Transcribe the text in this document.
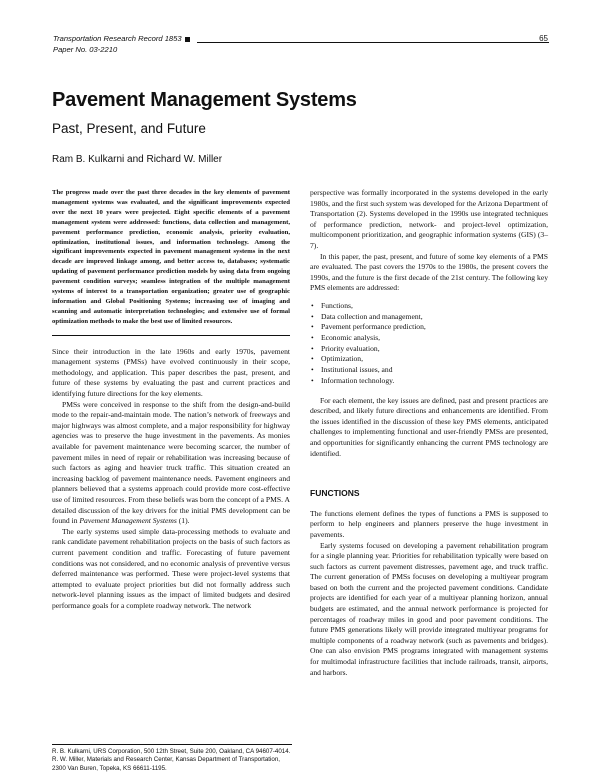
Transportation Research Record 1853
Paper No. 03-2210
65
Pavement Management Systems
Past, Present, and Future
Ram B. Kulkarni and Richard W. Miller

The progress made over the past three decades in the key elements of pavement management systems was evaluated, and the significant improvements expected over the next 10 years were projected. Eight specific elements of a pavement management system were addressed: functions, data collection and management, pavement performance prediction, economic analysis, priority evaluation, optimization, institutional issues, and information technology. Among the significant improvements expected in pavement management systems in the next decade are improved linkage among, and better access to, databases; systematic updating of pavement performance prediction models by using data from ongoing pavement condition surveys; seamless integration of the multiple management systems of interest to a transportation organization; greater use of geographic information and Global Positioning Systems; increasing use of imaging and scanning and automatic interpretation technologies; and extensive use of formal optimization methods to make the best use of limited resources.

Since their introduction in the late 1960s and early 1970s, pavement management systems (PMSs) have evolved continuously in their scope, methodology, and application. This paper describes the past, present, and future of these systems by evaluating the past and current practices and identifying future directions for the key elements.

PMSs were conceived in response to the shift from the design-and-build mode to the repair-and-maintain mode. The nation’s network of freeways and major highways was almost complete, and a major responsibility for highway agencies was to preserve the huge investment in the pavements. As monies available for pavement maintenance were becoming scarcer, the number of pavement miles in need of repair or rehabilitation was increasing because of such factors as aging and heavier truck traffic. This situation created an increasing backlog of pavement maintenance needs. Pavement engineers and planners believed that a systems approach could provide more cost-effective use of limited resources. From these beliefs was born the concept of a PMS. A detailed discussion of the key drivers for the initial PMS development can be found in Pavement Management Systems (1).

The early systems used simple data-processing methods to evaluate and rank candidate pavement rehabilitation projects on the basis of such factors as current pavement condition and traffic. Forecasting of future pavement conditions was not considered, and no economic analysis of preventive versus deferred maintenance was performed. These were project-level systems that attempted to evaluate project priorities but did not formally address such network-level planning issues as the impact of limited budgets and desired performance goals for a complete roadway network. The network

perspective was formally incorporated in the systems developed in the early 1980s, and the first such system was developed for the Arizona Department of Transportation (2). Systems developed in the 1990s use integrated techniques of performance prediction, network- and project-level optimization, multicomponent prioritization, and geographic information systems (GIS) (3–7).

In this paper, the past, present, and future of some key elements of a PMS are evaluated. The past covers the 1970s to the 1980s, the present covers the 1990s, and the future is the first decade of the 21st century. The following key PMS elements are addressed:

• Functions,
• Data collection and management,
• Pavement performance prediction,
• Economic analysis,
• Priority evaluation,
• Optimization,
• Institutional issues, and
• Information technology.

For each element, the key issues are defined, past and present practices are described, and likely future directions and enhancements are identified. From the issues identified in the discussion of these key PMS elements, anticipated challenges to implementing functional and user-friendly PMSs are presented, and opportunities for significantly enhancing the current PMS technology are identified.

FUNCTIONS

The functions element defines the types of functions a PMS is supposed to perform to help engineers and planners preserve the huge investment in pavements.

Early systems focused on developing a pavement rehabilitation program for a single planning year. Priorities for rehabilitation typically were based on such factors as current pavement distresses, pavement age, and truck traffic. The current generation of PMSs focuses on developing a multiyear program based on both the current and the projected pavement conditions. Candidate projects are identified for each year of a multiyear planning horizon, annual budgets are estimated, and the annual network performance is projected for percentages of roadway miles in good and poor pavement conditions. The future PMS generations likely will provide integrated multiyear programs for multiple components of a roadway network (such as pavements and bridges). One can also envision PMS programs integrated with management systems for multimodal infrastructure facilities that include railroads, transit, airports, and harbors.

R. B. Kulkarni, URS Corporation, 500 12th Street, Suite 200, Oakland, CA 94607-4014. R. W. Miller, Materials and Research Center, Kansas Department of Transportation, 2300 Van Buren, Topeka, KS 66611-1195.
